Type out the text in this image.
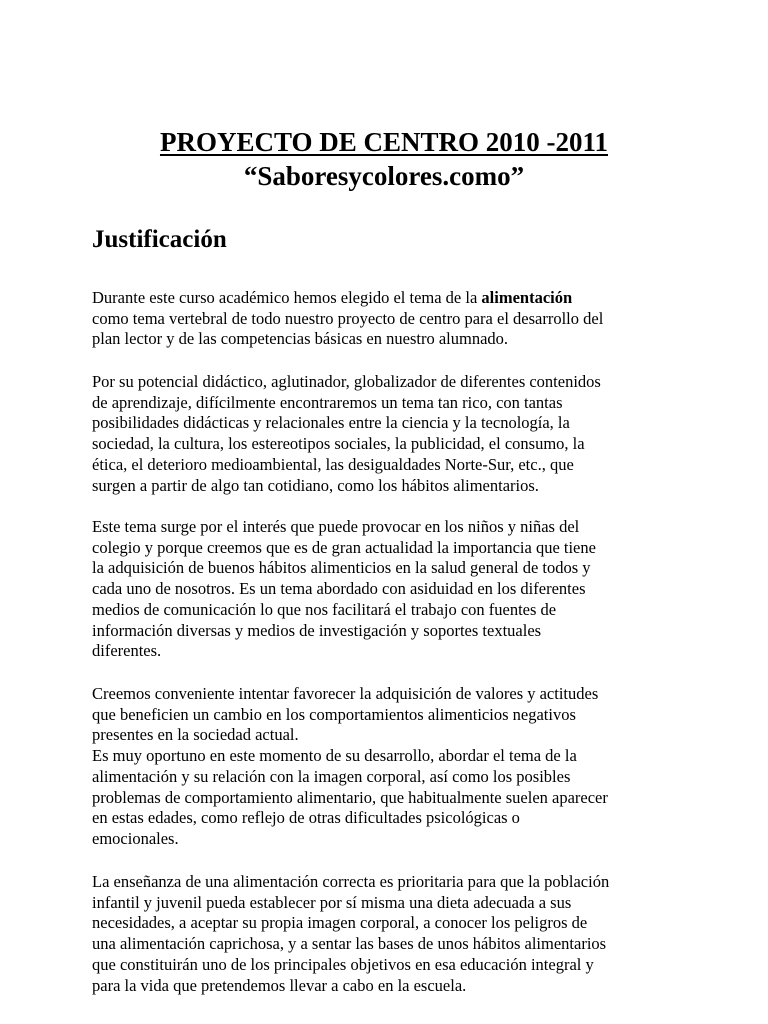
PROYECTO DE CENTRO 2010 -2011
“Saboresycolores.como”
Justificación

Durante este curso académico hemos elegido el tema de la alimentación
como tema vertebral de todo nuestro proyecto de centro para el desarrollo del
plan lector y de las competencias básicas en nuestro alumnado.

Por su potencial didáctico, aglutinador, globalizador de diferentes contenidos
de aprendizaje, difícilmente encontraremos un tema tan rico, con tantas
posibilidades didácticas y relacionales entre la ciencia y la tecnología, la
sociedad, la cultura, los estereotipos sociales, la publicidad, el consumo, la
ética, el deterioro medioambiental, las desigualdades Norte-Sur, etc., que
surgen a partir de algo tan cotidiano, como los hábitos alimentarios.

Este tema surge por el interés que puede provocar en los niños y niñas del
colegio y porque creemos que es de gran actualidad la importancia que tiene
la adquisición de buenos hábitos alimenticios en la salud general de todos y
cada uno de nosotros. Es un tema abordado con asiduidad en los diferentes
medios de comunicación lo que nos facilitará el trabajo con fuentes de
información diversas y medios de investigación y soportes textuales
diferentes.

Creemos conveniente intentar favorecer la adquisición de valores y actitudes
que beneficien un cambio en los comportamientos alimenticios negativos
presentes en la sociedad actual.
Es muy oportuno en este momento de su desarrollo, abordar el tema de la
alimentación y su relación con la imagen corporal, así como los posibles
problemas de comportamiento alimentario, que habitualmente suelen aparecer
en estas edades, como reflejo de otras dificultades psicológicas o
emocionales.

La enseñanza de una alimentación correcta es prioritaria para que la población
infantil y juvenil pueda establecer por sí misma una dieta adecuada a sus
necesidades, a aceptar su propia imagen corporal, a conocer los peligros de
una alimentación caprichosa, y a sentar las bases de unos hábitos alimentarios
que constituirán uno de los principales objetivos en esa educación integral y
para la vida que pretendemos llevar a cabo en la escuela.
